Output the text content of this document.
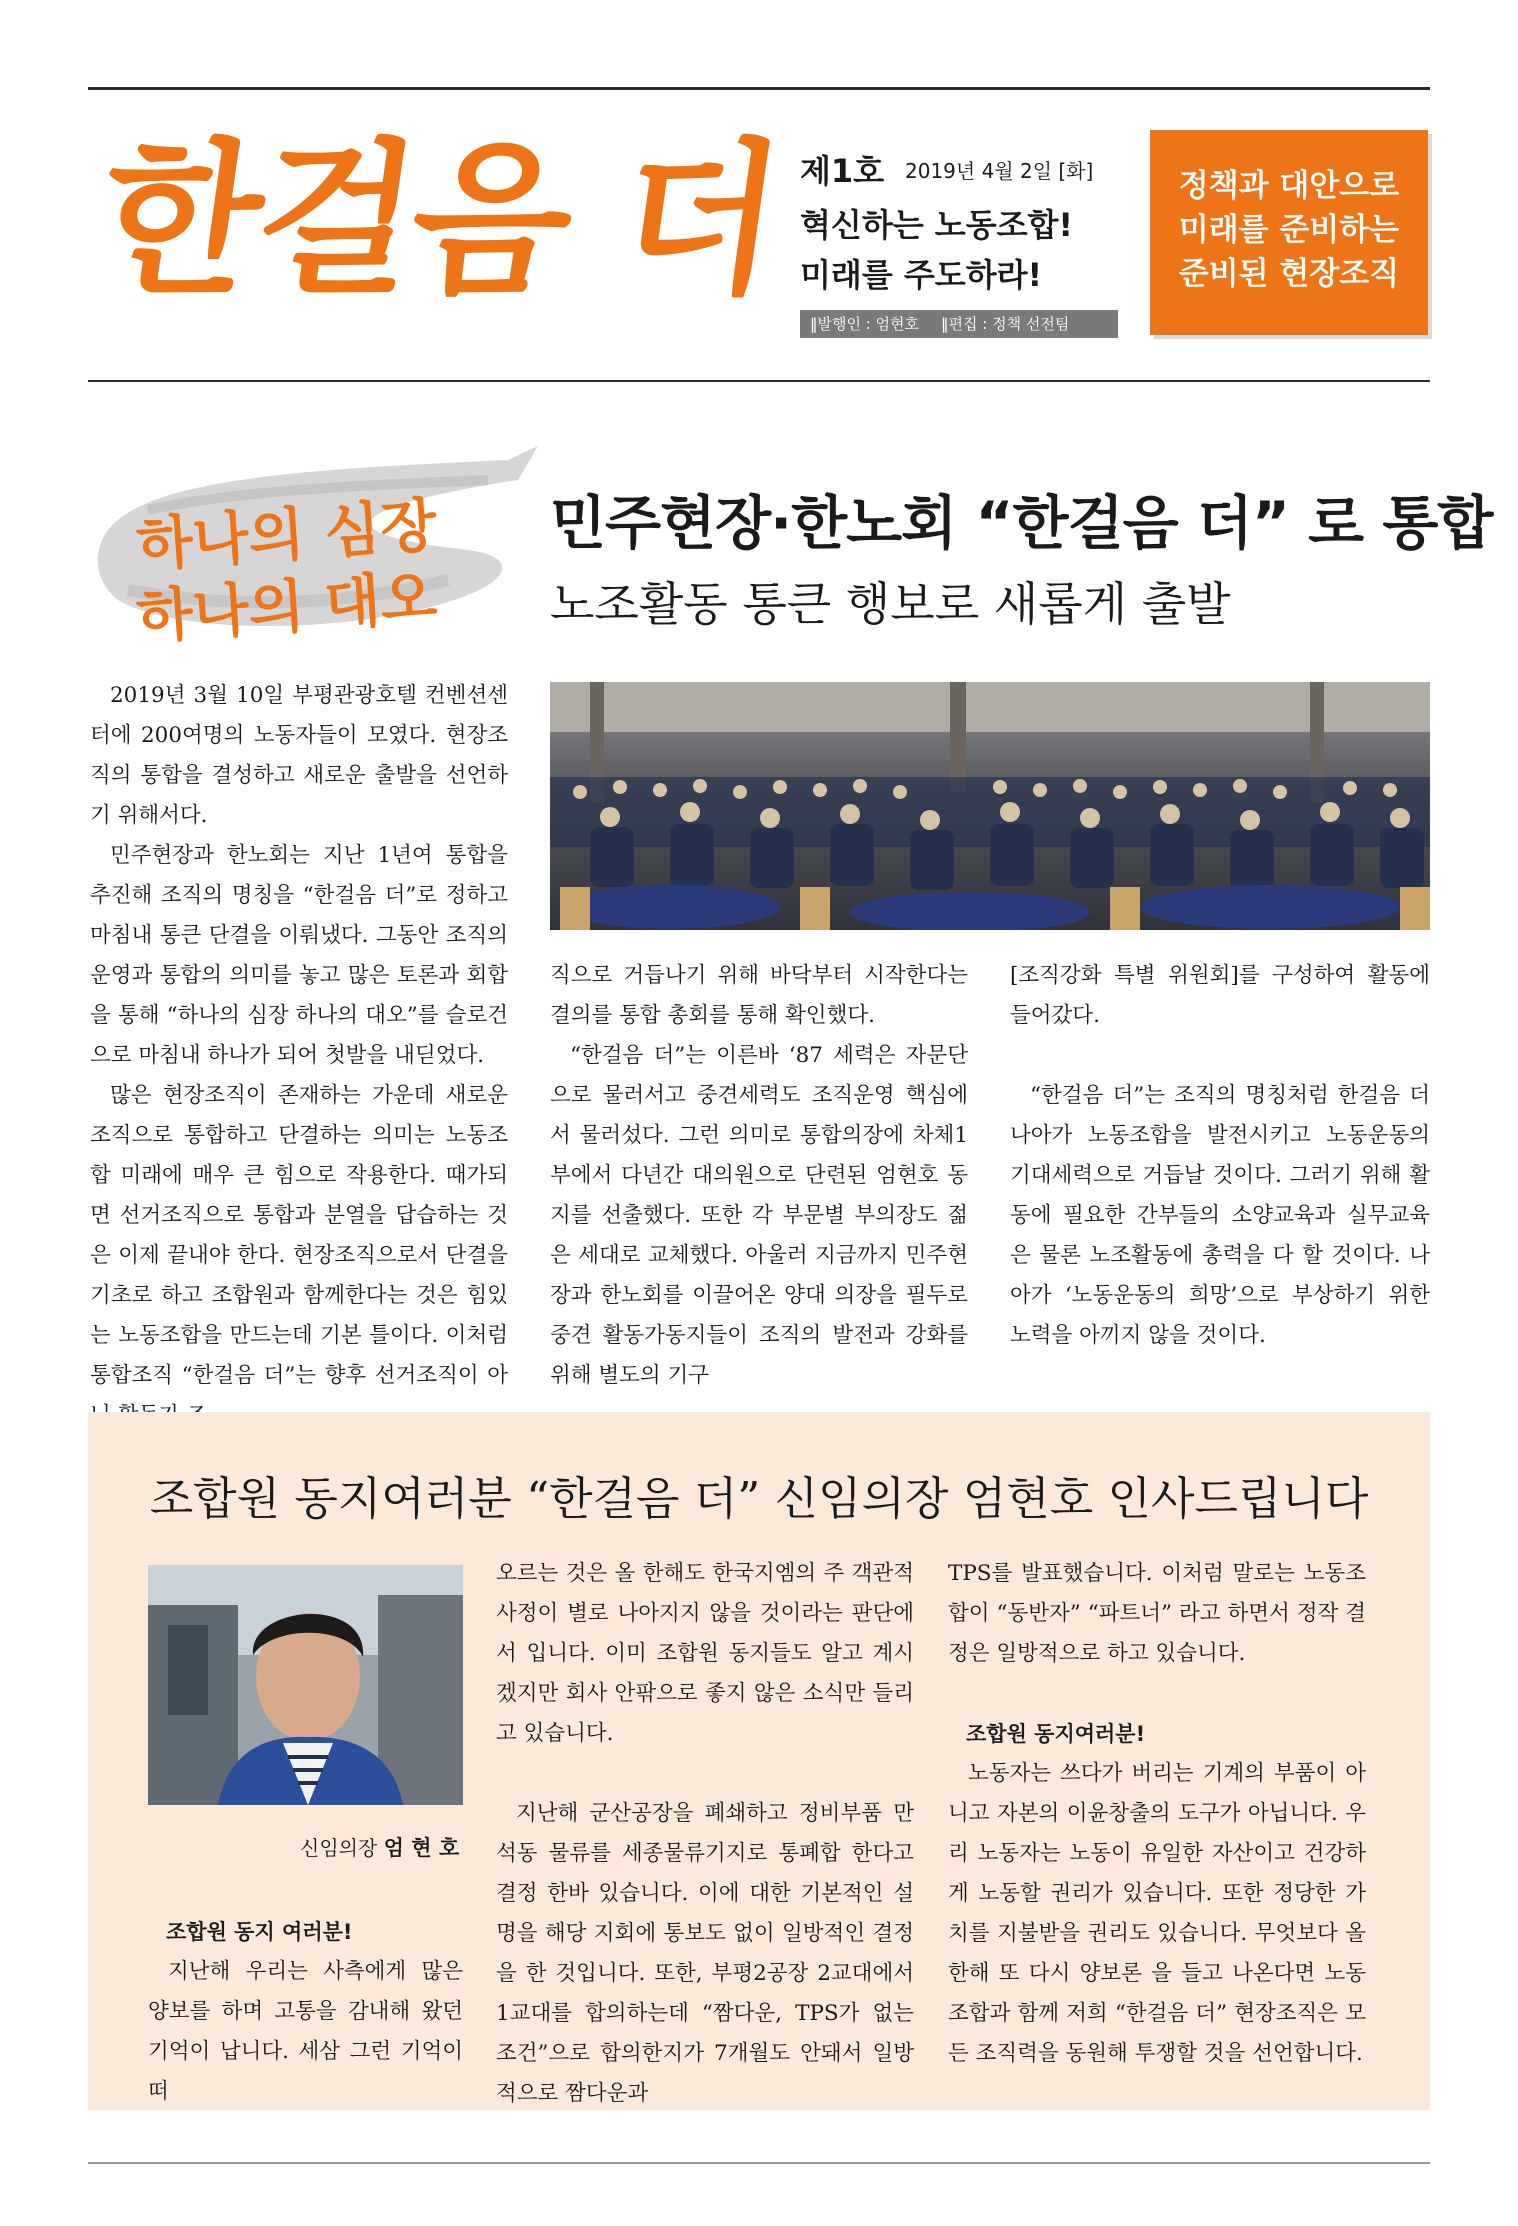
한걸음 더 제1호 2019년 4월 2일 [화]
혁신하는 노동조합!
미래를 주도하라!
‖발행인 : 엄현호 ‖편집 : 정책 선전팀
정책과 대안으로
미래를 준비하는
준비된 현장조직
하나의 심장
하나의 대오
민주현장·한노회 “한걸음 더” 로 통합
노조활동 통큰 행보로 새롭게 출발

2019년 3월 10일 부평관광호텔 컨벤션센터에 200여명의 노동자들이 모였다. 현장조직의 통합을 결성하고 새로운 출발을 선언하기 위해서다.

민주현장과 한노회는 지난 1년여 통합을 추진해 조직의 명칭을 “한걸음 더”로 정하고 마침내 통큰 단결을 이뤄냈다. 그동안 조직의 운영과 통합의 의미를 놓고 많은 토론과 회합을 통해 “하나의 심장 하나의 대오”를 슬로건으로 마침내 하나가 되어 첫발을 내딛었다.

많은 현장조직이 존재하는 가운데 새로운 조직으로 통합하고 단결하는 의미는 노동조합 미래에 매우 큰 힘으로 작용한다. 때가되면 선거조직으로 통합과 분열을 답습하는 것은 이제 끝내야 한다. 현장조직으로서 단결을 기초로 하고 조합원과 함께한다는 것은 힘있는 노동조합을 만드는데 기본 틀이다. 이처럼 통합조직 “한걸음 더”는 향후 선거조직이 아

직으로 거듭나기 위해 바닥부터 시작한다는 결의를 통합 총회를 통해 확인했다.

“한걸음 더”는 이른바 ‘87 세력은 자문단으로 물러서고 중견세력도 조직운영 핵심에서 물러섰다. 그런 의미로 통합의장에 차체1부에서 다년간 대의원으로 단련된 엄현호 동지를 선출했다. 또한 각 부문별 부의장도 젊은 세대로 교체했다. 아울러 지금까지 민주현장과 한노회를 이끌어온 양대 의장을 필두로 중견 활동가동지들이 조직의 발전과 강화를 위해 별도의 기구

[조직강화 특별 위원회]를 구성하여 활동에 들어갔다.

“한걸음 더”는 조직의 명칭처럼 한걸음 더 나아가 노동조합을 발전시키고 노동운동의 기대세력으로 거듭날 것이다. 그러기 위해 활동에 필요한 간부들의 소양교육과 실무교육은 물론 노조활동에 총력을 다 할 것이다. 나아가 ‘노동운동의 희망’으로 부상하기 위한 노력을 아끼지 않을 것이다.

조합원 동지여러분 “한걸음 더” 신임의장 엄현호 인사드립니다
신임의장 엄 현 호
조합원 동지 여러분!

지난해 우리는 사측에게 많은 양보를 하며 고통을 감내해 왔던 기억이 납니다. 세삼 그런 기억이 떠

오르는 것은 올 한해도 한국지엠의 주 객관적 사정이 별로 나아지지 않을 것이라는 판단에서 입니다. 이미 조합원 동지들도 알고 계시겠지만 회사 안팎으로 좋지 않은 소식만 들리고 있습니다.

지난해 군산공장을 폐쇄하고 정비부품 만석동 물류를 세종물류기지로 통폐합 한다고 결정 한바 있습니다. 이에 대한 기본적인 설명을 해당 지회에 통보도 없이 일방적인 결정을 한 것입니다. 또한, 부평2공장 2교대에서 1교대를 합의하는데 “짬다운, TPS가 없는 조건”으로 합의한지가 7개월도 안돼서 일방적으로 짬다운과

TPS를 발표했습니다. 이처럼 말로는 노동조합이 “동반자” “파트너” 라고 하면서 정작 결정은 일방적으로 하고 있습니다.

조합원 동지여러분!

노동자는 쓰다가 버리는 기계의 부품이 아니고 자본의 이윤창출의 도구가 아닙니다. 우리 노동자는 노동이 유일한 자산이고 건강하게 노동할 권리가 있습니다. 또한 정당한 가치를 지불받을 권리도 있습니다. 무엇보다 올 한해 또 다시 양보론 을 들고 나온다면 노동조합과 함께 저희 “한걸음 더” 현장조직은 모든 조직력을 동원해 투쟁할 것을 선언합니다.
